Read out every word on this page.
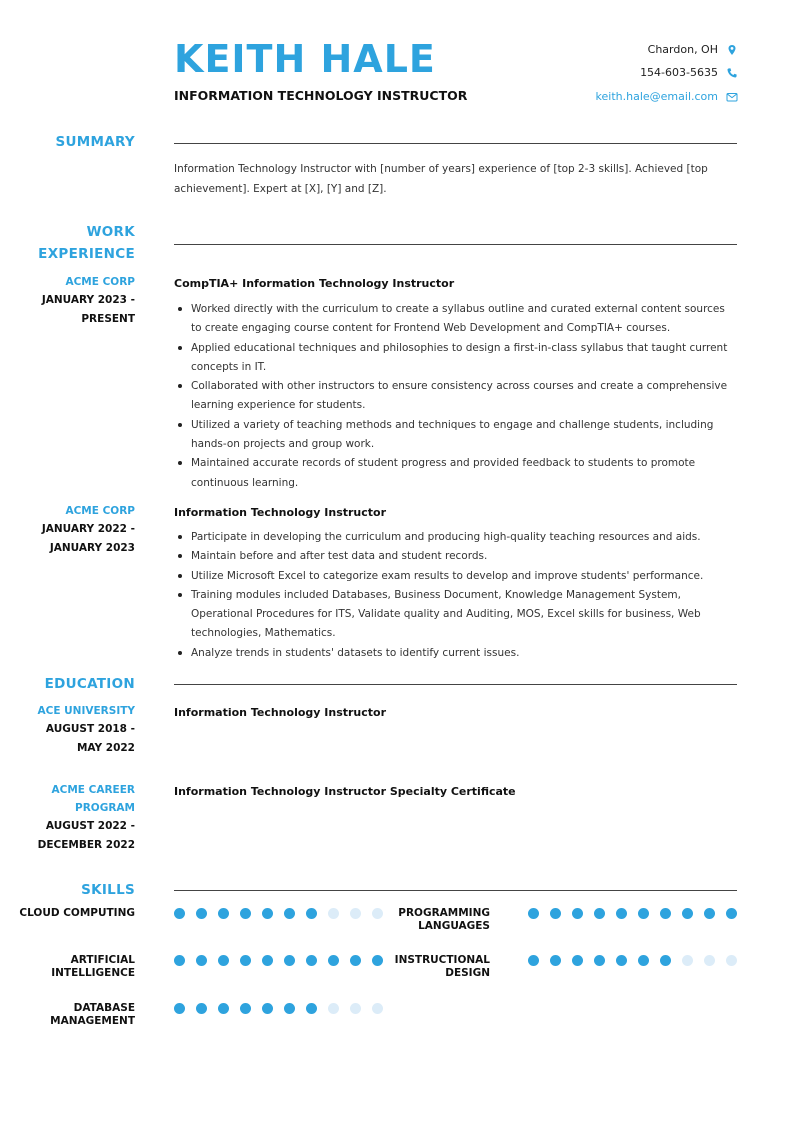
KEITH HALE
INFORMATION TECHNOLOGY INSTRUCTOR
Chardon, OH
154-603-5635
keith.hale@email.com
SUMMARY
Information Technology Instructor with [number of years] experience of [top 2-3 skills]. Achieved [top achievement]. Expert at [X], [Y] and [Z].
WORK
EXPERIENCE
ACME CORP
JANUARY 2023 -
PRESENT
CompTIA+ Information Technology Instructor
Worked directly with the curriculum to create a syllabus outline and curated external content sources to create engaging course content for Frontend Web Development and CompTIA+ courses.
Applied educational techniques and philosophies to design a first-in-class syllabus that taught current concepts in IT.
Collaborated with other instructors to ensure consistency across courses and create a comprehensive learning experience for students.
Utilized a variety of teaching methods and techniques to engage and challenge students, including hands-on projects and group work.
Maintained accurate records of student progress and provided feedback to students to promote continuous learning.
ACME CORP
JANUARY 2022 -
JANUARY 2023
Information Technology Instructor
Participate in developing the curriculum and producing high-quality teaching resources and aids.
Maintain before and after test data and student records.
Utilize Microsoft Excel to categorize exam results to develop and improve students' performance.
Training modules included Databases, Business Document, Knowledge Management System, Operational Procedures for ITS, Validate quality and Auditing, MOS, Excel skills for business, Web technologies, Mathematics.
Analyze trends in students' datasets to identify current issues.
EDUCATION
ACE UNIVERSITY
AUGUST 2018 -
MAY 2022
Information Technology Instructor
ACME CAREER
PROGRAM
AUGUST 2022 -
DECEMBER 2022
Information Technology Instructor Specialty Certificate
SKILLS
CLOUD COMPUTING	PROGRAMMING
LANGUAGES
ARTIFICIAL
INTELLIGENCE
INSTRUCTIONAL
DESIGN
DATABASE
MANAGEMENT
